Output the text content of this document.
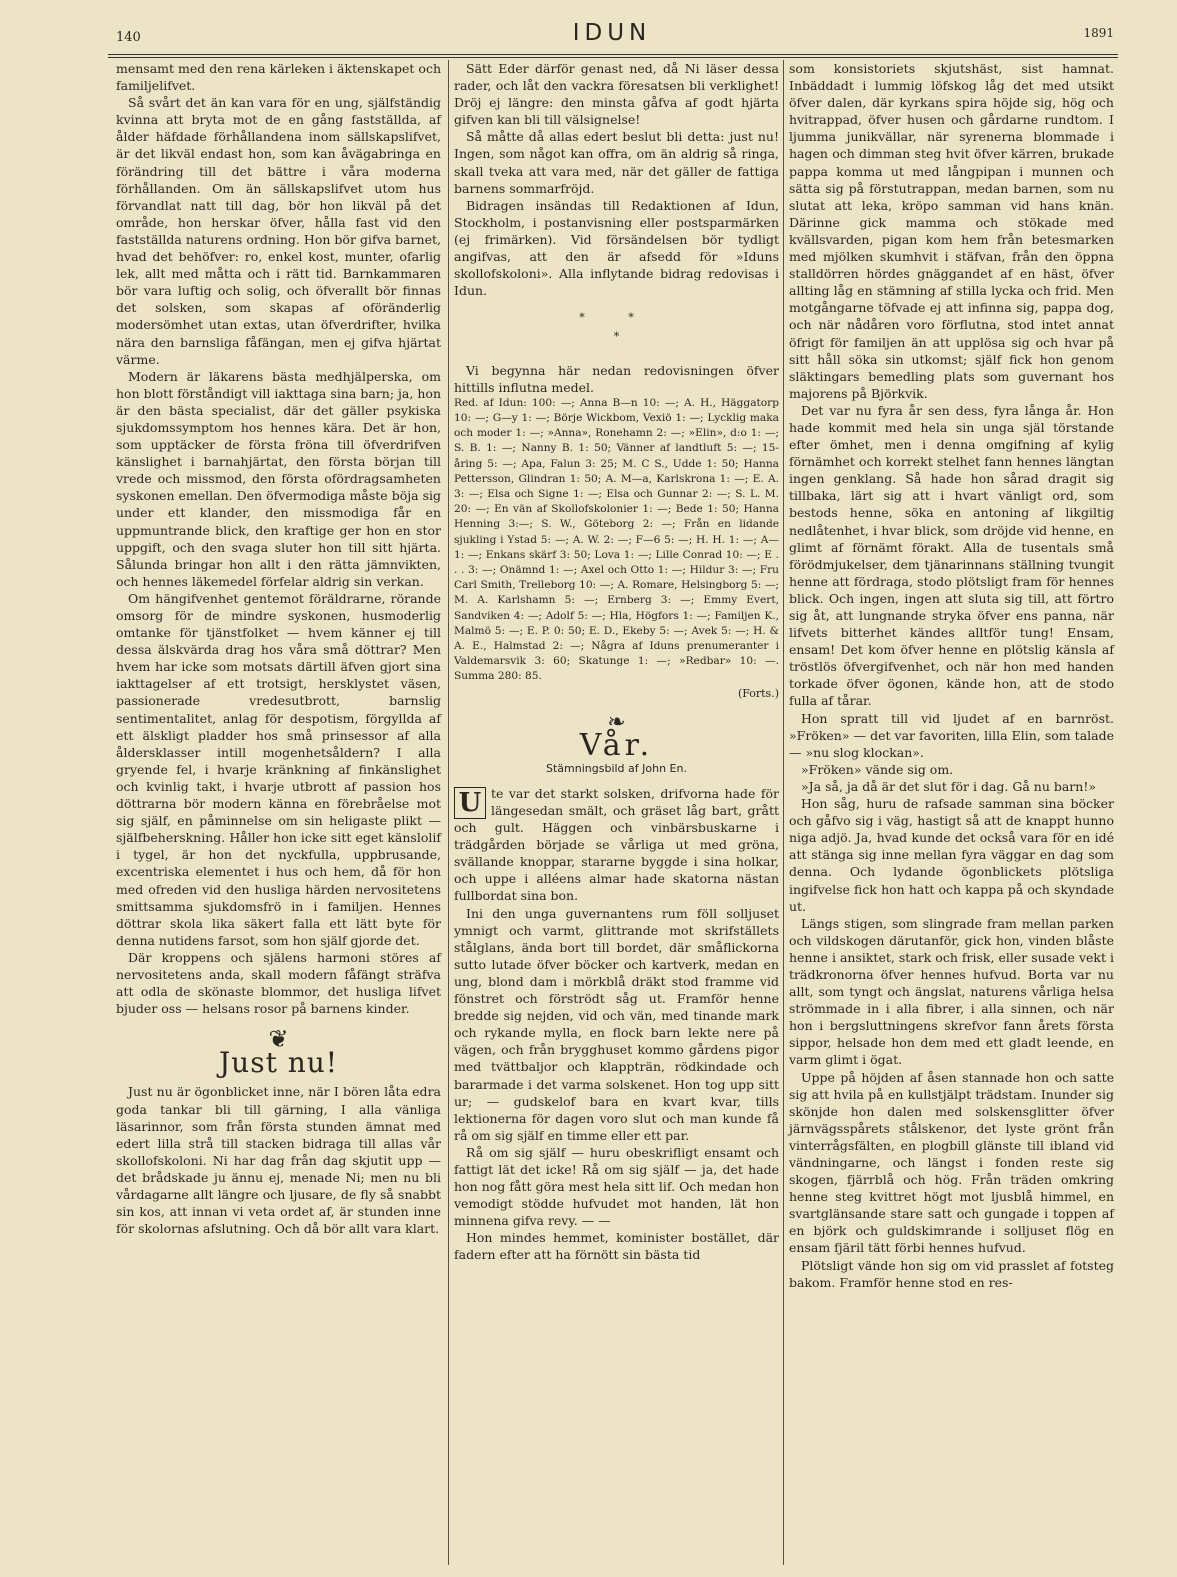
140	IDUN	1891

mensamt med den rena kärleken i äktenskapet och familjelifvet.

Så svårt det än kan vara för en ung, själfständig kvinna att bryta mot de en gång fastställda, af ålder häfdade förhållandena inom sällskapslifvet, är det likväl endast hon, som kan åvägabringa en förändring till det bättre i våra moderna förhållanden. Om än sällskapslifvet utom hus förvandlat natt till dag, bör hon likväl på det område, hon herskar öfver, hålla fast vid den fastställda naturens ordning. Hon bör gifva barnet, hvad det behöfver: ro, enkel kost, munter, ofarlig lek, allt med måtta och i rätt tid. Barnkammaren bör vara luftig och solig, och öfverallt bör finnas det solsken, som skapas af oföränderlig modersömhet utan extas, utan öfverdrifter, hvilka nära den barnsliga fåfängan, men ej gifva hjärtat värme.

Modern är läkarens bästa medhjälperska, om hon blott förståndigt vill iakttaga sina barn; ja, hon är den bästa specialist, där det gäller psykiska sjukdomssymptom hos hennes kära. Det är hon, som upptäcker de första fröna till öfverdrifven känslighet i barnahjärtat, den första början till vrede och missmod, den första ofördragsamheten syskonen emellan. Den öfvermodiga måste böja sig under ett klander, den missmodiga får en uppmuntrande blick, den kraftige ger hon en stor uppgift, och den svaga sluter hon till sitt hjärta. Sålunda bringar hon allt i den rätta jämnvikten, och hennes läkemedel förfelar aldrig sin verkan.

Om hängifvenhet gentemot föräldrarne, rörande omsorg för de mindre syskonen, husmoderlig omtanke för tjänstfolket — hvem känner ej till dessa älskvärda drag hos våra små döttrar? Men hvem har icke som motsats därtill äfven gjort sina iakttagelser af ett trotsigt, hersklystet väsen, passionerade vredesutbrott, barnslig sentimentalitet, anlag för despotism, förgyllda af ett älskligt pladder hos små prinsessor af alla åldersklasser intill mogenhetsåldern? I alla gryende fel, i hvarje kränkning af finkänslighet och kvinlig takt, i hvarje utbrott af passion hos döttrarna bör modern känna en förebråelse mot sig själf, en påminnelse om sin heligaste plikt — själfbeherskning. Håller hon icke sitt eget känslolif i tygel, är hon det nyckfulla, uppbrusande, excentriska elementet i hus och hem, då för hon med ofreden vid den husliga härden nervositetens smittsamma sjukdomsfrö in i familjen. Hennes döttrar skola lika säkert falla ett lätt byte för denna nutidens farsot, som hon själf gjorde det.

Där kroppens och själens harmoni störes af nervositetens anda, skall modern fåfängt sträfva att odla de skönaste blommor, det husliga lifvet bjuder oss — helsans rosor på barnens kinder.

❦
Just nu!

Just nu är ögonblicket inne, när I bören låta edra goda tankar bli till gärning, I alla vänliga läsarinnor, som från första stunden ämnat med edert lilla strå till stacken bidraga till allas vår skollofskoloni. Ni har dag från dag skjutit upp — det brådskade ju ännu ej, menade Ni; men nu bli vårdagarne allt längre och ljusare, de fly så snabbt sin kos, att innan vi veta ordet af, är stunden inne för skolornas afslutning. Och då bör allt vara klart.

Sätt Eder därför genast ned, då Ni läser dessa rader, och låt den vackra föresatsen bli verklighet! Dröj ej längre: den minsta gåfva af godt hjärta gifven kan bli till välsignelse!

Så måtte då allas edert beslut bli detta: just nu! Ingen, som något kan offra, om än aldrig så ringa, skall tveka att vara med, när det gäller de fattiga barnens sommarfröjd.

Bidragen insändas till Redaktionen af Idun, Stockholm, i postanvisning eller postsparmärken (ej frimärken). Vid försändelsen bör tydligt angifvas, att den är afsedd för »Iduns skollofskoloni». Alla inflytande bidrag redovisas i Idun.

* *
*

Vi begynna här nedan redovisningen öfver hittills influtna medel.

Red. af Idun: 100: —; Anna B—n 10: —; A. H., Häggatorp 10: —; G—y 1: —; Börje Wickbom, Vexiö 1: —; Lycklig maka och moder 1: —; »Anna», Ronehamn 2: —; »Elin», d:o 1: —; S. B. 1: —; Nanny B. 1: 50; Vänner af landtluft 5: —; 15-åring 5: —; Apa, Falun 3: 25; M. C S., Udde 1: 50; Hanna Pettersson, Glindran 1: 50; A. M—a, Karlskrona 1: —; E. A. 3: —; Elsa och Signe 1: —; Elsa och Gunnar 2: —; S. L. M. 20: —; En vän af Skollofskolonier 1: —; Bede 1: 50; Hanna Henning 3:—; S. W., Göteborg 2: —; Från en lidande sjukling i Ystad 5: —; A. W. 2: —; F—6 5: —; H. H. 1: —; A— 1: —; Enkans skärf 3: 50; Lova 1: —; Lille Conrad 10: —; E . . . 3: —; Onämnd 1: —; Axel och Otto 1: —; Hildur 3: —; Fru Carl Smith, Trelleborg 10: —; A. Romare, Helsingborg 5: —; M. A. Karlshamn 5: —; Ernberg 3: —; Emmy Evert, Sandviken 4: —; Adolf 5: —; Hla, Högfors 1: —; Familjen K., Malmö 5: —; E. P. 0: 50; E. D., Ekeby 5: —; Avek 5: —; H. & A. E., Halmstad 2: —; Några af Iduns prenumeranter i Valdemarsvik 3: 60; Skatunge 1: —; »Redbar» 10: —. Summa 280: 85.

(Forts.)
❧
Vår.
Stämningsbild af John En.
U te var det starkt solsken, drifvorna hade för längesedan smält, och gräset låg bart, grått och gult. Häggen och vinbärsbuskarne i trädgården började se vårliga ut med gröna, svällande knoppar, stararne byggde i sina holkar, och uppe i alléens almar hade skatorna nästan fullbordat sina bon.

Ini den unga guvernantens rum föll solljuset ymnigt och varmt, glittrande mot skrifställets stålglans, ända bort till bordet, där småflickorna sutto lutade öfver böcker och kartverk, medan en ung, blond dam i mörkblå dräkt stod framme vid fönstret och förströdt såg ut. Framför henne bredde sig nejden, vid och vän, med tinande mark och rykande mylla, en flock barn lekte nere på vägen, och från brygghuset kommo gårdens pigor med tvättbaljor och klappträn, rödkindade och bararmade i det varma solskenet. Hon tog upp sitt ur; — gudskelof bara en kvart kvar, tills lektionerna för dagen voro slut och man kunde få rå om sig själf en timme eller ett par.

Rå om sig själf — huru obeskrifligt ensamt och fattigt lät det icke! Rå om sig själf — ja, det hade hon nog fått göra mest hela sitt lif. Och medan hon vemodigt stödde hufvudet mot handen, lät hon minnena gifva revy. — —

Hon mindes hemmet, kominister bostället, där fadern efter att ha förnött sin bästa tid

som konsistoriets skjutshäst, sist hamnat. Inbäddadt i lummig löfskog låg det med utsikt öfver dalen, där kyrkans spira höjde sig, hög och hvitrappad, öfver husen och gårdarne rundtom. I ljumma junikvällar, när syrenerna blommade i hagen och dimman steg hvit öfver kärren, brukade pappa komma ut med långpipan i munnen och sätta sig på förstutrappan, medan barnen, som nu slutat att leka, kröpo samman vid hans knän. Därinne gick mamma och stökade med kvällsvarden, pigan kom hem från betesmarken med mjölken skumhvit i stäfvan, från den öppna stalldörren hördes gnäggandet af en häst, öfver allting låg en stämning af stilla lycka och frid. Men motgångarne töfvade ej att infinna sig, pappa dog, och när nådåren voro förflutna, stod intet annat öfrigt för familjen än att upplösa sig och hvar på sitt håll söka sin utkomst; själf fick hon genom släktingars bemedling plats som guvernant hos majorens på Björkvik.

Det var nu fyra år sen dess, fyra långa år. Hon hade kommit med hela sin unga själ törstande efter ömhet, men i denna omgifning af kylig förnämhet och korrekt stelhet fann hennes längtan ingen genklang. Så hade hon sårad dragit sig tillbaka, lärt sig att i hvart vänligt ord, som bestods henne, söka en antoning af likgiltig nedlåtenhet, i hvar blick, som dröjde vid henne, en glimt af förnämt förakt. Alla de tusentals små förödmjukelser, dem tjänarinnans ställning tvungit henne att fördraga, stodo plötsligt fram för hennes blick. Och ingen, ingen att sluta sig till, att förtro sig åt, att lungnande stryka öfver ens panna, när lifvets bitterhet kändes alltför tung! Ensam, ensam! Det kom öfver henne en plötslig känsla af tröstlös öfvergifvenhet, och när hon med handen torkade öfver ögonen, kände hon, att de stodo fulla af tårar.

Hon spratt till vid ljudet af en barnröst. »Fröken» — det var favoriten, lilla Elin, som talade — »nu slog klockan».

»Fröken» vände sig om.

»Ja så, ja då är det slut för i dag. Gå nu barn!»

Hon såg, huru de rafsade samman sina böcker och gåfvo sig i väg, hastigt så att de knappt hunno niga adjö. Ja, hvad kunde det också vara för en idé att stänga sig inne mellan fyra väggar en dag som denna. Och lydande ögonblickets plötsliga ingifvelse fick hon hatt och kappa på och skyndade ut.

Längs stigen, som slingrade fram mellan parken och vildskogen därutanför, gick hon, vinden blåste henne i ansiktet, stark och frisk, eller susade vekt i trädkronorna öfver hennes hufvud. Borta var nu allt, som tyngt och ängslat, naturens vårliga helsa strömmade in i alla fibrer, i alla sinnen, och när hon i bergsluttningens skrefvor fann årets första sippor, helsade hon dem med ett gladt leende, en varm glimt i ögat.

Uppe på höjden af åsen stannade hon och satte sig att hvila på en kullstjälpt trädstam. Inunder sig skönjde hon dalen med solskensglitter öfver järnvägsspårets stålskenor, det lyste grönt från vinterrågsfälten, en plogbill glänste till ibland vid vändningarne, och längst i fonden reste sig skogen, fjärrblå och hög. Från träden omkring henne steg kvittret högt mot ljusblå himmel, en svartglänsande stare satt och gungade i toppen af en björk och guldskimrande i solljuset flög en ensam fjäril tätt förbi hennes hufvud.

Plötsligt vände hon sig om vid prasslet af fotsteg bakom. Framför henne stod en res-
